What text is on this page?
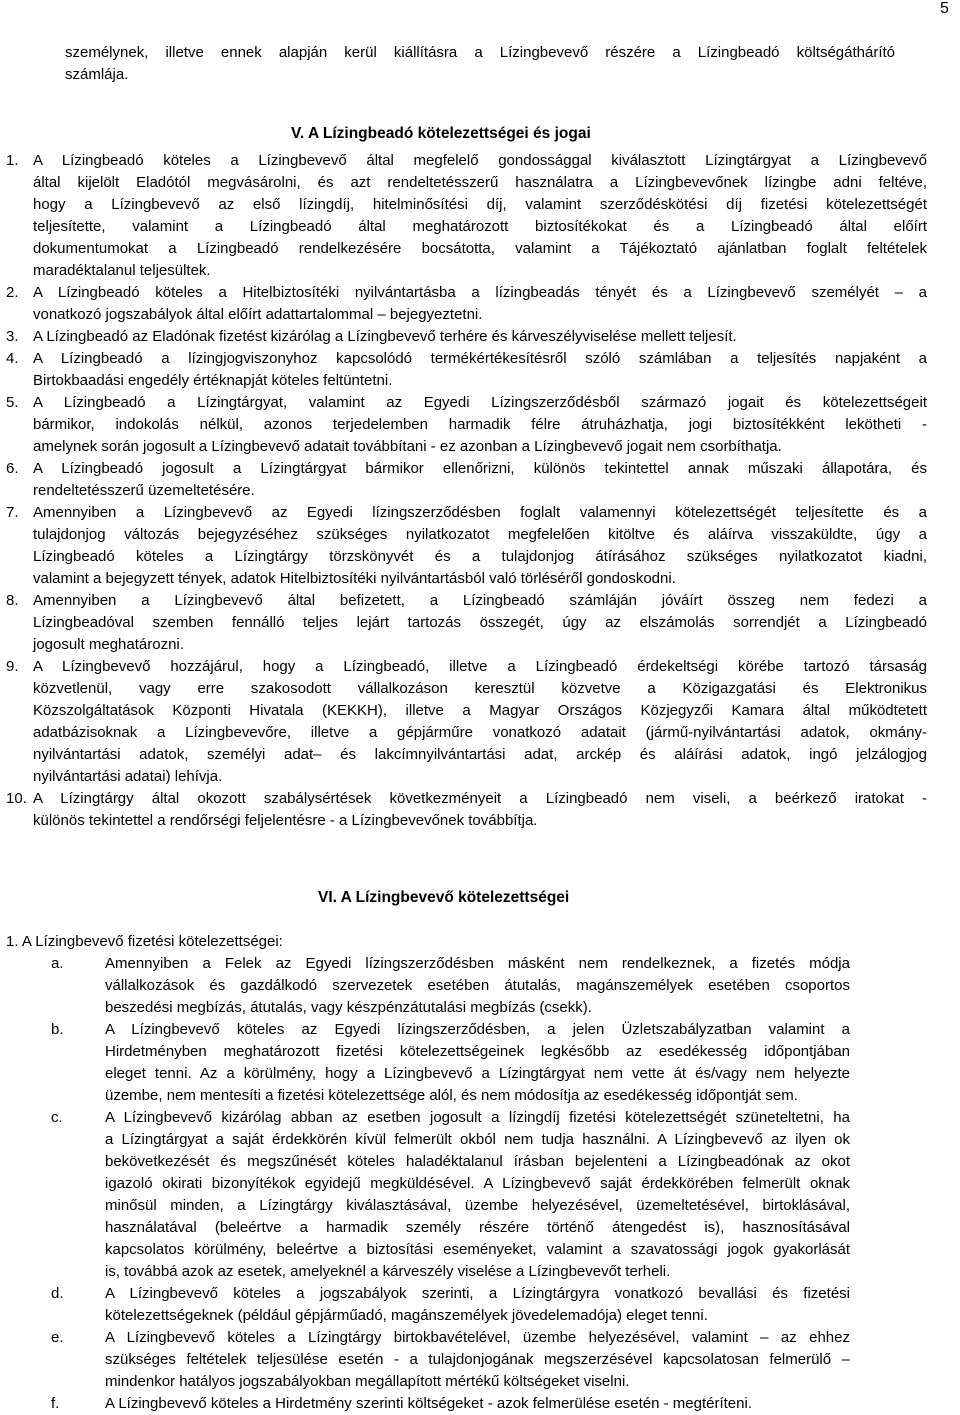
5
személynek, illetve ennek alapján kerül kiállításra a Lízingbevevő részére a Lízingbeadó költségáthárító
számlája.
V. A Lízingbeadó kötelezettségei és jogai
1. A Lízingbeadó köteles a Lízingbevevő által megfelelő gondossággal kiválasztott Lízingtárgyat a Lízingbevevő
által kijelölt Eladótól megvásárolni, és azt rendeltetésszerű használatra a Lízingbevevőnek lízingbe adni feltéve,
hogy a Lízingbevevő az első lízingdíj, hitelminősítési díj, valamint szerződéskötési díj fizetési kötelezettségét
teljesítette, valamint a Lízingbeadó által meghatározott biztosítékokat és a Lízingbeadó által előírt
dokumentumokat a Lízingbeadó rendelkezésére bocsátotta, valamint a Tájékoztató ajánlatban foglalt feltételek
maradéktalanul teljesültek.
2. A Lízingbeadó köteles a Hitelbiztosítéki nyilvántartásba a lízingbeadás tényét és a Lízingbevevő személyét – a
vonatkozó jogszabályok által előírt adattartalommal – bejegyeztetni.
3. A Lízingbeadó az Eladónak fizetést kizárólag a Lízingbevevő terhére és kárveszélyviselése mellett teljesít.
4. A Lízingbeadó a lízingjogviszonyhoz kapcsolódó termékértékesítésről szóló számlában a teljesítés napjaként a
Birtokbaadási engedély értéknapját köteles feltüntetni.
5. A Lízingbeadó a Lízingtárgyat, valamint az Egyedi Lízingszerződésből származó jogait és kötelezettségeit
bármikor, indokolás nélkül, azonos terjedelemben harmadik félre átruházhatja, jogi biztosítékként lekötheti -
amelynek során jogosult a Lízingbevevő adatait továbbítani - ez azonban a Lízingbevevő jogait nem csorbíthatja.
6. A Lízingbeadó jogosult a Lízingtárgyat bármikor ellenőrizni, különös tekintettel annak műszaki állapotára, és
rendeltetésszerű üzemeltetésére.
7. Amennyiben a Lízingbevevő az Egyedi lízingszerződésben foglalt valamennyi kötelezettségét teljesítette és a
tulajdonjog változás bejegyzéséhez szükséges nyilatkozatot megfelelően kitöltve és aláírva visszaküldte, úgy a
Lízingbeadó köteles a Lízingtárgy törzskönyvét és a tulajdonjog átírásához szükséges nyilatkozatot kiadni,
valamint a bejegyzett tények, adatok Hitelbiztosítéki nyilvántartásból való törléséről gondoskodni.
8. Amennyiben a Lízingbevevő által befizetett, a Lízingbeadó számláján jóváírt összeg nem fedezi a
Lízingbeadóval szemben fennálló teljes lejárt tartozás összegét, úgy az elszámolás sorrendjét a Lízingbeadó
jogosult meghatározni.
9. A Lízingbevevő hozzájárul, hogy a Lízingbeadó, illetve a Lízingbeadó érdekeltségi körébe tartozó társaság
közvetlenül, vagy erre szakosodott vállalkozáson keresztül közvetve a Közigazgatási és Elektronikus
Közszolgáltatások Központi Hivatala (KEKKH), illetve a Magyar Országos Közjegyzői Kamara által működtetett
adatbázisoknak a Lízingbevevőre, illetve a gépjárműre vonatkozó adatait (jármű-nyilvántartási adatok, okmány-
nyilvántartási adatok, személyi adat– és lakcímnyilvántartási adat, arckép és aláírási adatok, ingó jelzálogjog
nyilvántartási adatai) lehívja.
10. A Lízingtárgy által okozott szabálysértések következményeit a Lízingbeadó nem viseli, a beérkező iratokat -
különös tekintettel a rendőrségi feljelentésre - a Lízingbevevőnek továbbítja.
VI. A Lízingbevevő kötelezettségei
1. A Lízingbevevő fizetési kötelezettségei:
a.	Amennyiben a Felek az Egyedi lízingszerződésben másként nem rendelkeznek, a fizetés módja
vállalkozások és gazdálkodó szervezetek esetében átutalás, magánszemélyek esetében csoportos
beszedési megbízás, átutalás, vagy készpénzátutalási megbízás (csekk).
b.	A Lízingbevevő köteles az Egyedi lízingszerződésben, a jelen Üzletszabályzatban valamint a
Hirdetményben meghatározott fizetési kötelezettségeinek legkésőbb az esedékesség időpontjában
eleget tenni. Az a körülmény, hogy a Lízingbevevő a Lízingtárgyat nem vette át és/vagy nem helyezte
üzembe, nem mentesíti a fizetési kötelezettsége alól, és nem módosítja az esedékesség időpontját sem.
c.	A Lízingbevevő kizárólag abban az esetben jogosult a lízingdíj fizetési kötelezettségét szüneteltetni, ha
a Lízingtárgyat a saját érdekkörén kívül felmerült okból nem tudja használni. A Lízingbevevő az ilyen ok
bekövetkezését és megszűnését köteles haladéktalanul írásban bejelenteni a Lízingbeadónak az okot
igazoló okirati bizonyítékok egyidejű megküldésével. A Lízingbevevő saját érdekkörében felmerült oknak
minősül minden, a Lízingtárgy kiválasztásával, üzembe helyezésével, üzemeltetésével, birtoklásával,
használatával (beleértve a harmadik személy részére történő átengedést is), hasznosításával
kapcsolatos körülmény, beleértve a biztosítási eseményeket, valamint a szavatossági jogok gyakorlását
is, továbbá azok az esetek, amelyeknél a kárveszély viselése a Lízingbevevőt terheli.
d.	A Lízingbevevő köteles a jogszabályok szerinti, a Lízingtárgyra vonatkozó bevallási és fizetési
kötelezettségeknek (például gépjárműadó, magánszemélyek jövedelemadója) eleget tenni.
e.	A Lízingbevevő köteles a Lízingtárgy birtokbavételével, üzembe helyezésével, valamint – az ehhez
szükséges feltételek teljesülése esetén - a tulajdonjogának megszerzésével kapcsolatosan felmerülő –
mindenkor hatályos jogszabályokban megállapított mértékű költségeket viselni.
f.	A Lízingbevevő köteles a Hirdetmény szerinti költségeket - azok felmerülése esetén - megtéríteni.
